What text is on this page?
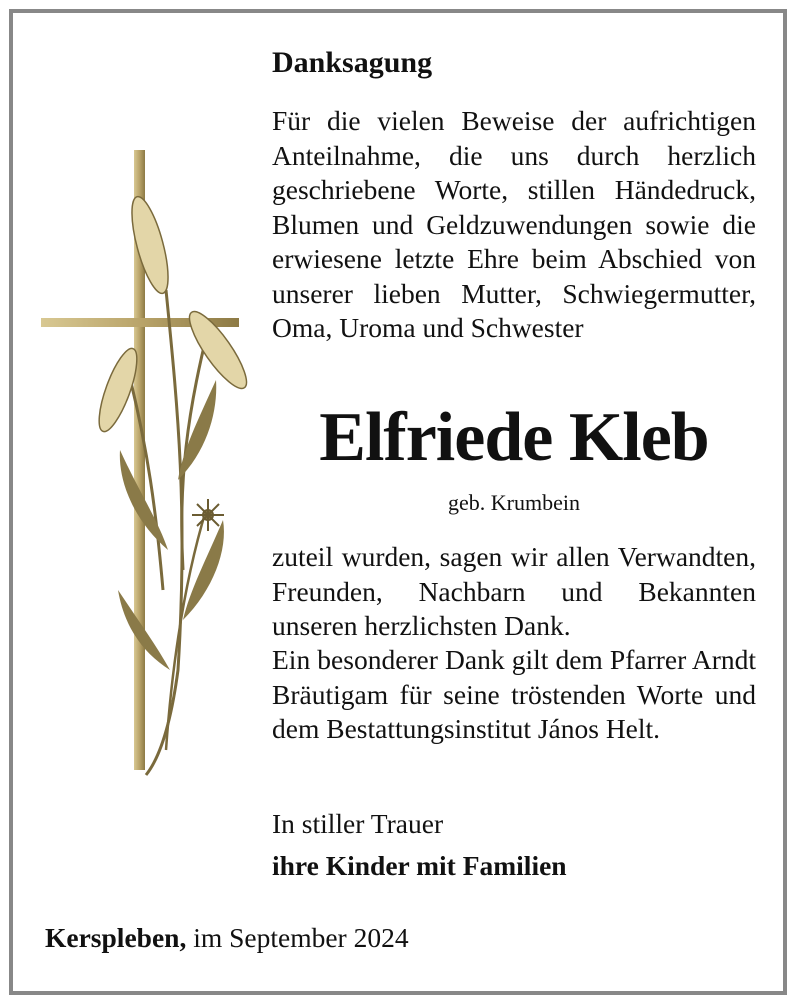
Danksagung
Für die vielen Beweise der aufrichtigen Anteilnahme, die uns durch herzlich geschriebene Worte, stillen Händedruck, Blumen und Geldzuwendungen sowie die erwiesene letzte Ehre beim Abschied von unserer lieben Mutter, Schwiegermutter, Oma, Uroma und Schwester
Elfriede Kleb
geb. Krumbein
zuteil wurden, sagen wir allen Verwandten, Freunden, Nachbarn und Bekannten unseren herzlichsten Dank.
Ein besonderer Dank gilt dem Pfarrer Arndt Bräutigam für seine tröstenden Worte und dem Bestattungsinstitut János Helt.
In stiller Trauer
ihre Kinder mit Familien
Kerspleben, im September 2024
